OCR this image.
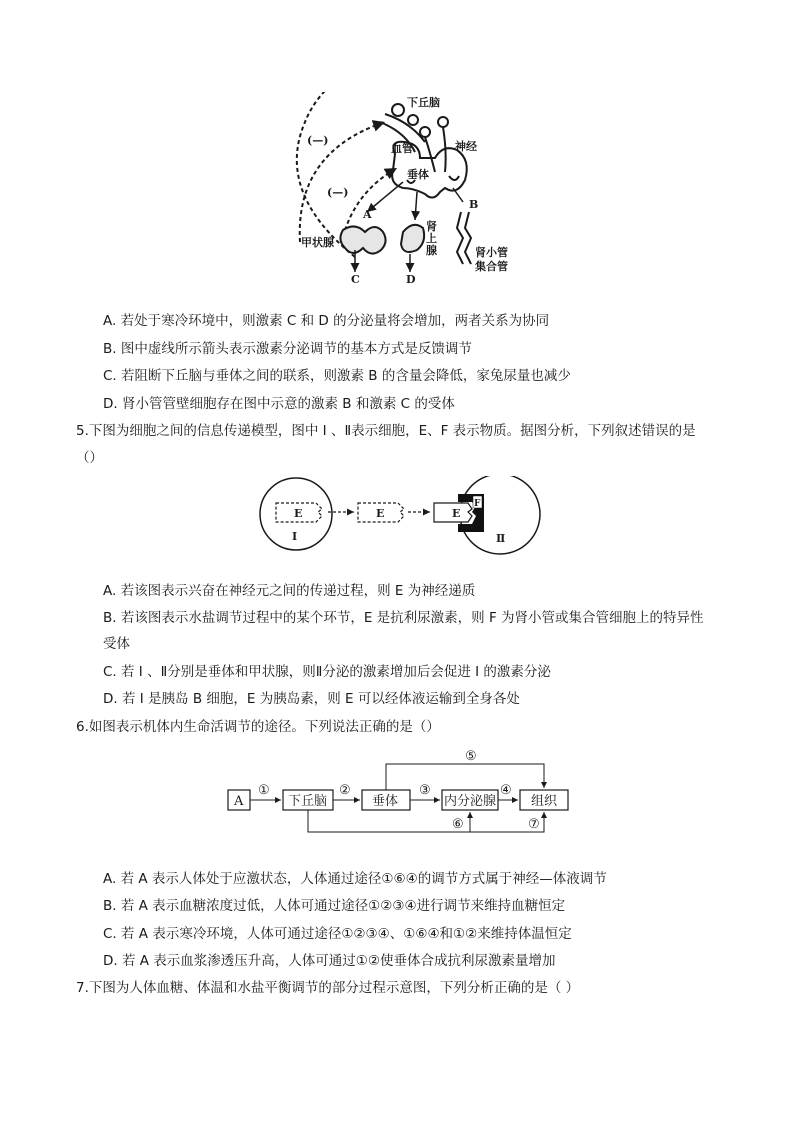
下丘脑
血管	神经
(—)
(—)
垂体
A
B
甲状腺
肾
上
腺	肾小管
集合管
C	D
A. 若处于寒冷环境中，则激素 C 和 D 的分泌量将会增加，两者关系为协同
B. 图中虚线所示箭头表示激素分泌调节的基本方式是反馈调节
C. 若阻断下丘脑与垂体之间的联系，则激素 B 的含量会降低，家兔尿量也减少
D. 肾小管管壁细胞存在图中示意的激素 B 和激素 C 的受体
5.下图为细胞之间的信息传递模型，图中 I 、Ⅱ表示细胞，E、F 表示物质。据图分析，下列叙述错误的是
（）
E	E	E
F
I	Ⅱ
A. 若该图表示兴奋在神经元之间的传递过程，则 E 为神经递质
B. 若该图表示水盐调节过程中的某个环节，E 是抗利尿激素，则 F 为肾小管或集合管细胞上的特异性
受体
C. 若 I 、Ⅱ分别是垂体和甲状腺，则Ⅱ分泌的激素增加后会促进 I 的激素分泌
D. 若 I 是胰岛 B 细胞，E 为胰岛素，则 E 可以经体液运输到全身各处
6.如图表示机体内生命活调节的途径。下列说法正确的是（）
A	下丘脑	垂体	内分泌腺	组织
①	②	③	④
⑤
⑥	⑦
A. 若 A 表示人体处于应激状态，人体通过途径①⑥④的调节方式属于神经—体液调节
B. 若 A 表示血糖浓度过低，人体可通过途径①②③④进行调节来维持血糖恒定
C. 若 A 表示寒冷环境，人体可通过途径①②③④、①⑥④和①②来维持体温恒定
D. 若 A 表示血浆渗透压升高，人体可通过①②使垂体合成抗利尿激素量增加
7.下图为人体血糖、体温和水盐平衡调节的部分过程示意图，下列分析正确的是（ ）
